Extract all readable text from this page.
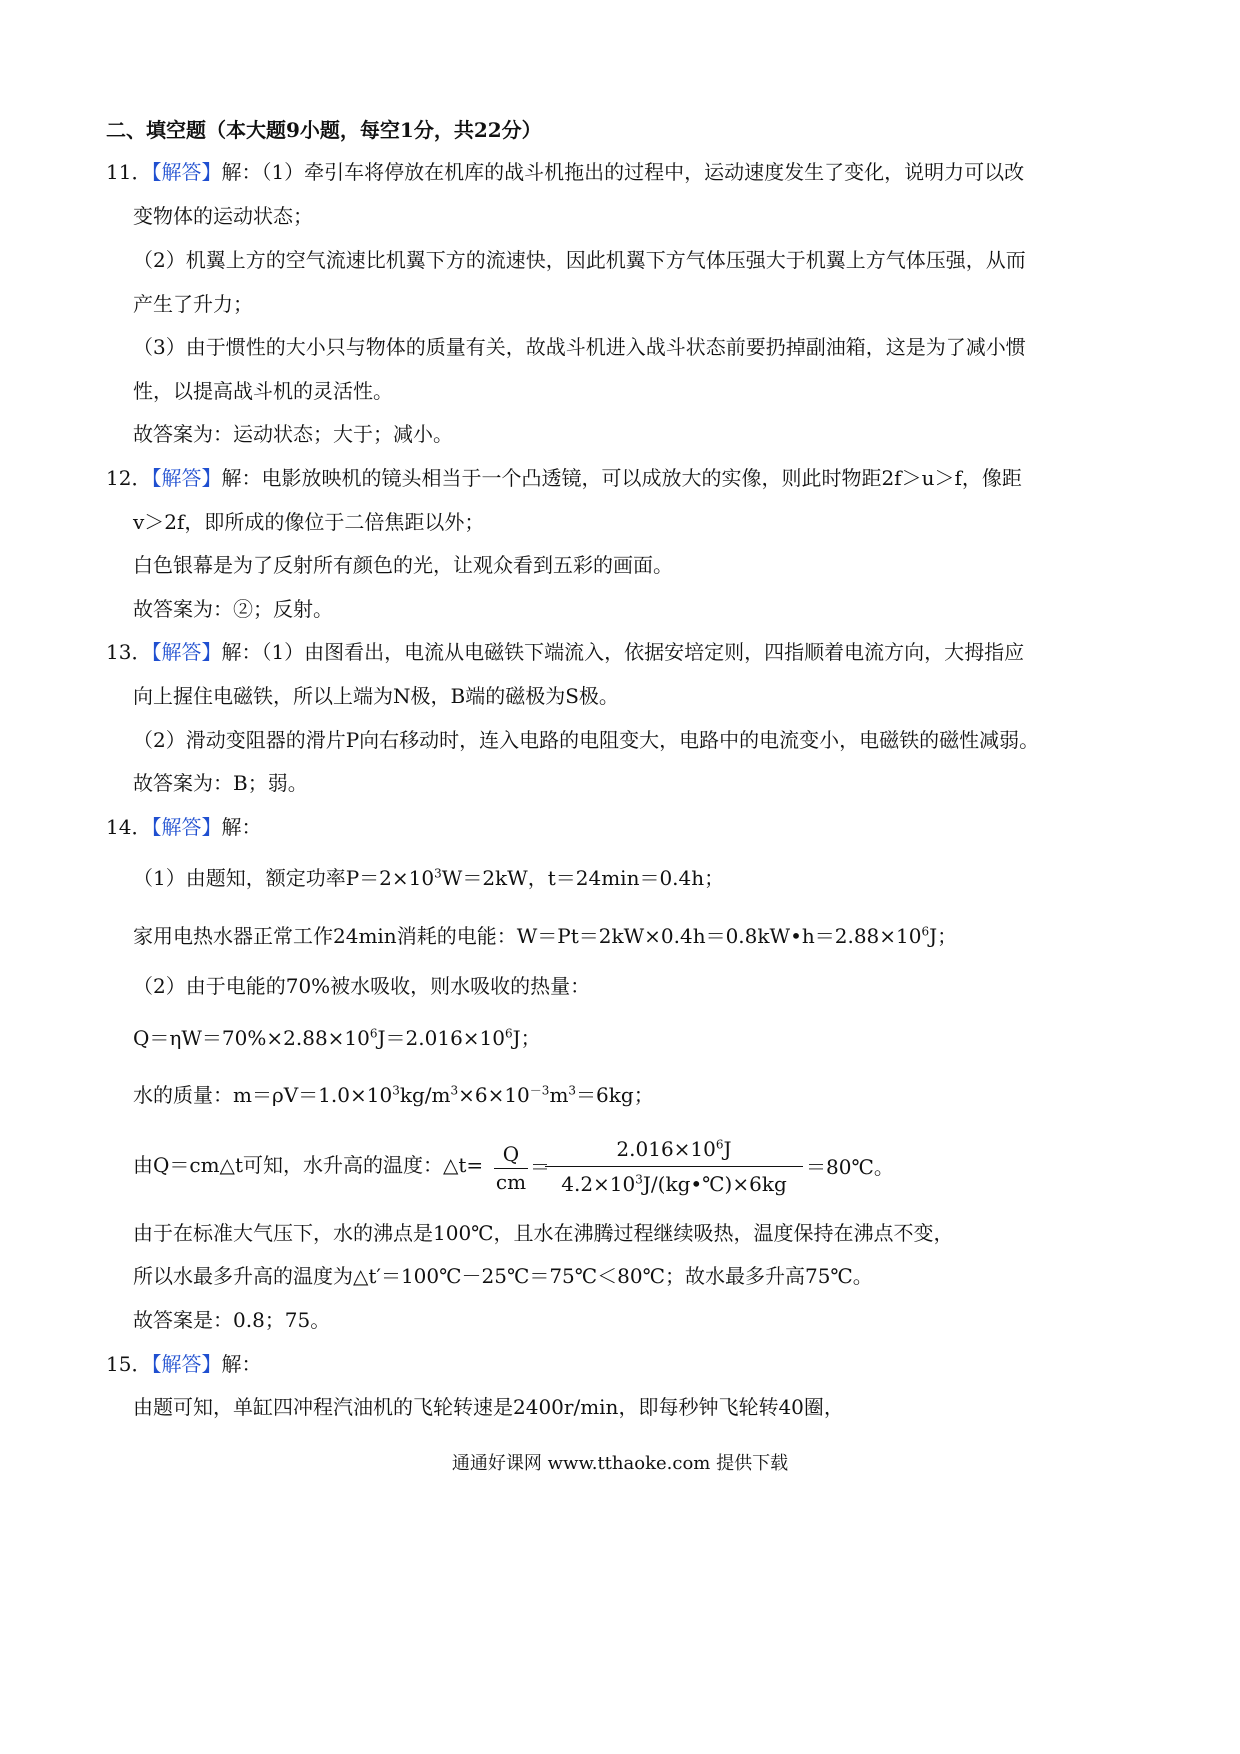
二、填空题（本大题9小题，每空1分，共22分）
11．【解答】解：（1）牵引车将停放在机库的战斗机拖出的过程中，运动速度发生了变化，说明力可以改
变物体的运动状态；
（2）机翼上方的空气流速比机翼下方的流速快，因此机翼下方气体压强大于机翼上方气体压强，从而
产生了升力；
（3）由于惯性的大小只与物体的质量有关，故战斗机进入战斗状态前要扔掉副油箱，这是为了减小惯
性，以提高战斗机的灵活性。
故答案为：运动状态；大于；减小。
12．【解答】解：电影放映机的镜头相当于一个凸透镜，可以成放大的实像，则此时物距2f＞u＞f，像距
v＞2f，即所成的像位于二倍焦距以外；
白色银幕是为了反射所有颜色的光，让观众看到五彩的画面。
故答案为：②；反射。
13．【解答】解：（1）由图看出，电流从电磁铁下端流入，依据安培定则，四指顺着电流方向，大拇指应
向上握住电磁铁，所以上端为N极，B端的磁极为S极。
（2）滑动变阻器的滑片P向右移动时，连入电路的电阻变大，电路中的电流变小，电磁铁的磁性减弱。
故答案为：B；弱。
14．【解答】解：
（1）由题知，额定功率$P=2\times 10^3W=2kW$，t＝24min＝0.4h；
家用电热水器正常工作24min消耗的电能：$W=Pt=2kW\times 0.4h=0.8kW•h=2.88\times 10^6J$；
（2）由于电能的70%被水吸收，则水吸收的热量：
$Q=\eta W=70\%\times 2.88\times 10^6J=2.016\times 10^6J$；
水的质量：$m=\rho V=1.0\times 10^3kg/m^3\times 6\times 10^{-3}m^3=6kg$；
由Q＝cm△t可知，水升高的温度：△t= Q
cm
＝
$2.016\times 10^6J$
$4.2\times 10^3J/(kg•℃)\times 6kg$
＝80℃。
由于在标准大气压下，水的沸点是100℃，且水在沸腾过程继续吸热，温度保持在沸点不变，
所以水最多升高的温度为△t′＝100℃－25℃＝75℃＜80℃；故水最多升高75℃。
故答案是：0.8；75。
15．【解答】解：
由题可知，单缸四冲程汽油机的飞轮转速是2400r/min，即每秒钟飞轮转40圈，
通通好课网 www.tthaoke.com 提供下载
